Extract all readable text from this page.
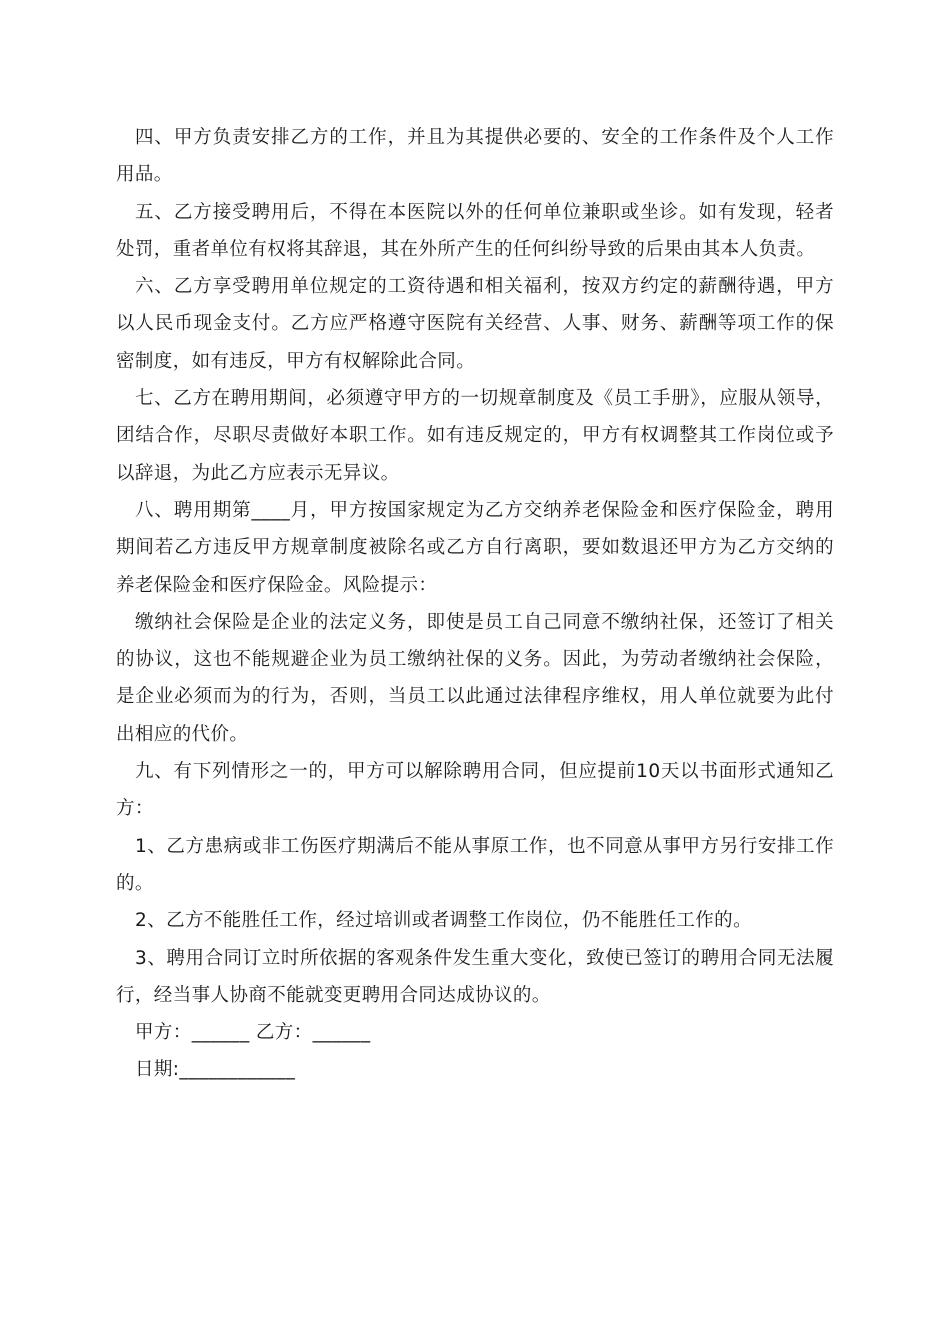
四、甲方负责安排乙方的工作，并且为其提供必要的、安全的工作条件及个人工作用品。

五、乙方接受聘用后，不得在本医院以外的任何单位兼职或坐诊。如有发现，轻者处罚，重者单位有权将其辞退，其在外所产生的任何纠纷导致的后果由其本人负责。

六、乙方享受聘用单位规定的工资待遇和相关福利，按双方约定的薪酬待遇，甲方以人民币现金支付。乙方应严格遵守医院有关经营、人事、财务、薪酬等项工作的保密制度，如有违反，甲方有权解除此合同。

七、乙方在聘用期间，必须遵守甲方的一切规章制度及《员工手册》，应服从领导，团结合作，尽职尽责做好本职工作。如有违反规定的，甲方有权调整其工作岗位或予以辞退，为此乙方应表示无异议。

八、聘用期第____月，甲方按国家规定为乙方交纳养老保险金和医疗保险金，聘用期间若乙方违反甲方规章制度被除名或乙方自行离职，要如数退还甲方为乙方交纳的养老保险金和医疗保险金。风险提示：

缴纳社会保险是企业的法定义务，即使是员工自己同意不缴纳社保，还签订了相关的协议，这也不能规避企业为员工缴纳社保的义务。因此，为劳动者缴纳社会保险，是企业必须而为的行为，否则，当员工以此通过法律程序维权，用人单位就要为此付出相应的代价。

九、有下列情形之一的，甲方可以解除聘用合同，但应提前10天以书面形式通知乙方：

1、乙方患病或非工伤医疗期满后不能从事原工作，也不同意从事甲方另行安排工作的。

2、乙方不能胜任工作，经过培训或者调整工作岗位，仍不能胜任工作的。

3、聘用合同订立时所依据的客观条件发生重大变化，致使已签订的聘用合同无法履行，经当事人协商不能就变更聘用合同达成协议的。

甲方：______ 乙方：______

日期:____________
